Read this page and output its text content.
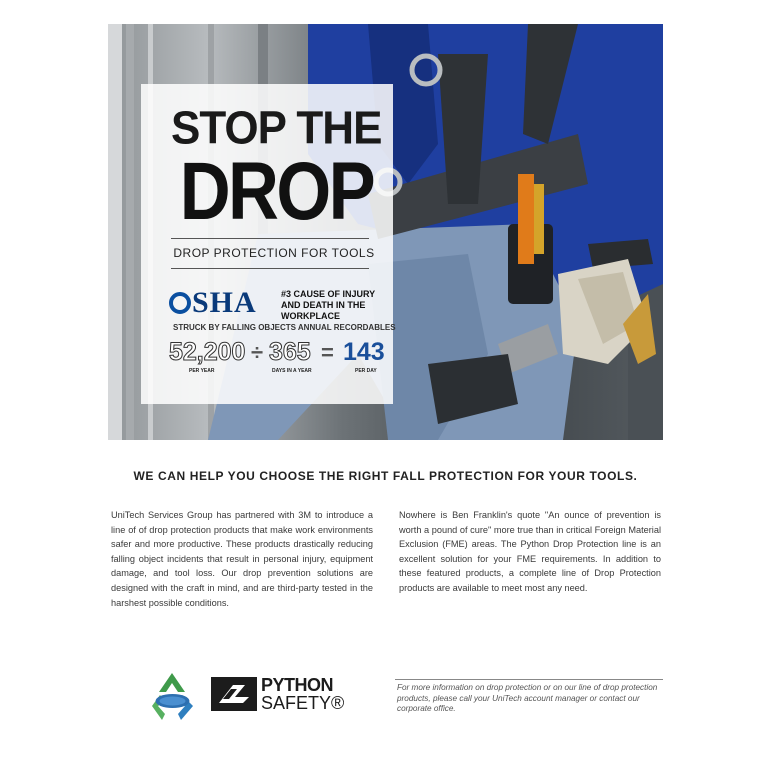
STOP THE
DROP
DROP PROTECTION FOR TOOLS
SHA	#3 CAUSE OF INJURY AND DEATH IN THE WORKPLACE
STRUCK BY FALLING OBJECTS ANNUAL RECORDABLES
52,200
PER YEAR
÷ 365
DAYS IN A YEAR
= 143
PER DAY
WE CAN HELP YOU CHOOSE THE RIGHT FALL PROTECTION FOR YOUR TOOLS.
UniTech Services Group has partnered with 3M to introduce a line of of drop protection products that make work environments safer and more productive. These products drastically reducing falling object incidents that result in personal injury, equipment damage, and tool loss. Our drop prevention solutions are designed with the craft in mind, and are third-party tested in the harshest possible conditions.
Nowhere is Ben Franklin's quote "An ounce of prevention is worth a pound of cure" more true than in critical Foreign Material Exclusion (FME) areas. The Python Drop Protection line is an excellent solution for your FME requirements. In addition to these featured products, a complete line of Drop Protection products are available to meet most any need.
PYTHON
SAFETY®
For more information on drop protection or on our line of drop protection products, please call your UniTech account manager or contact our corporate office.
